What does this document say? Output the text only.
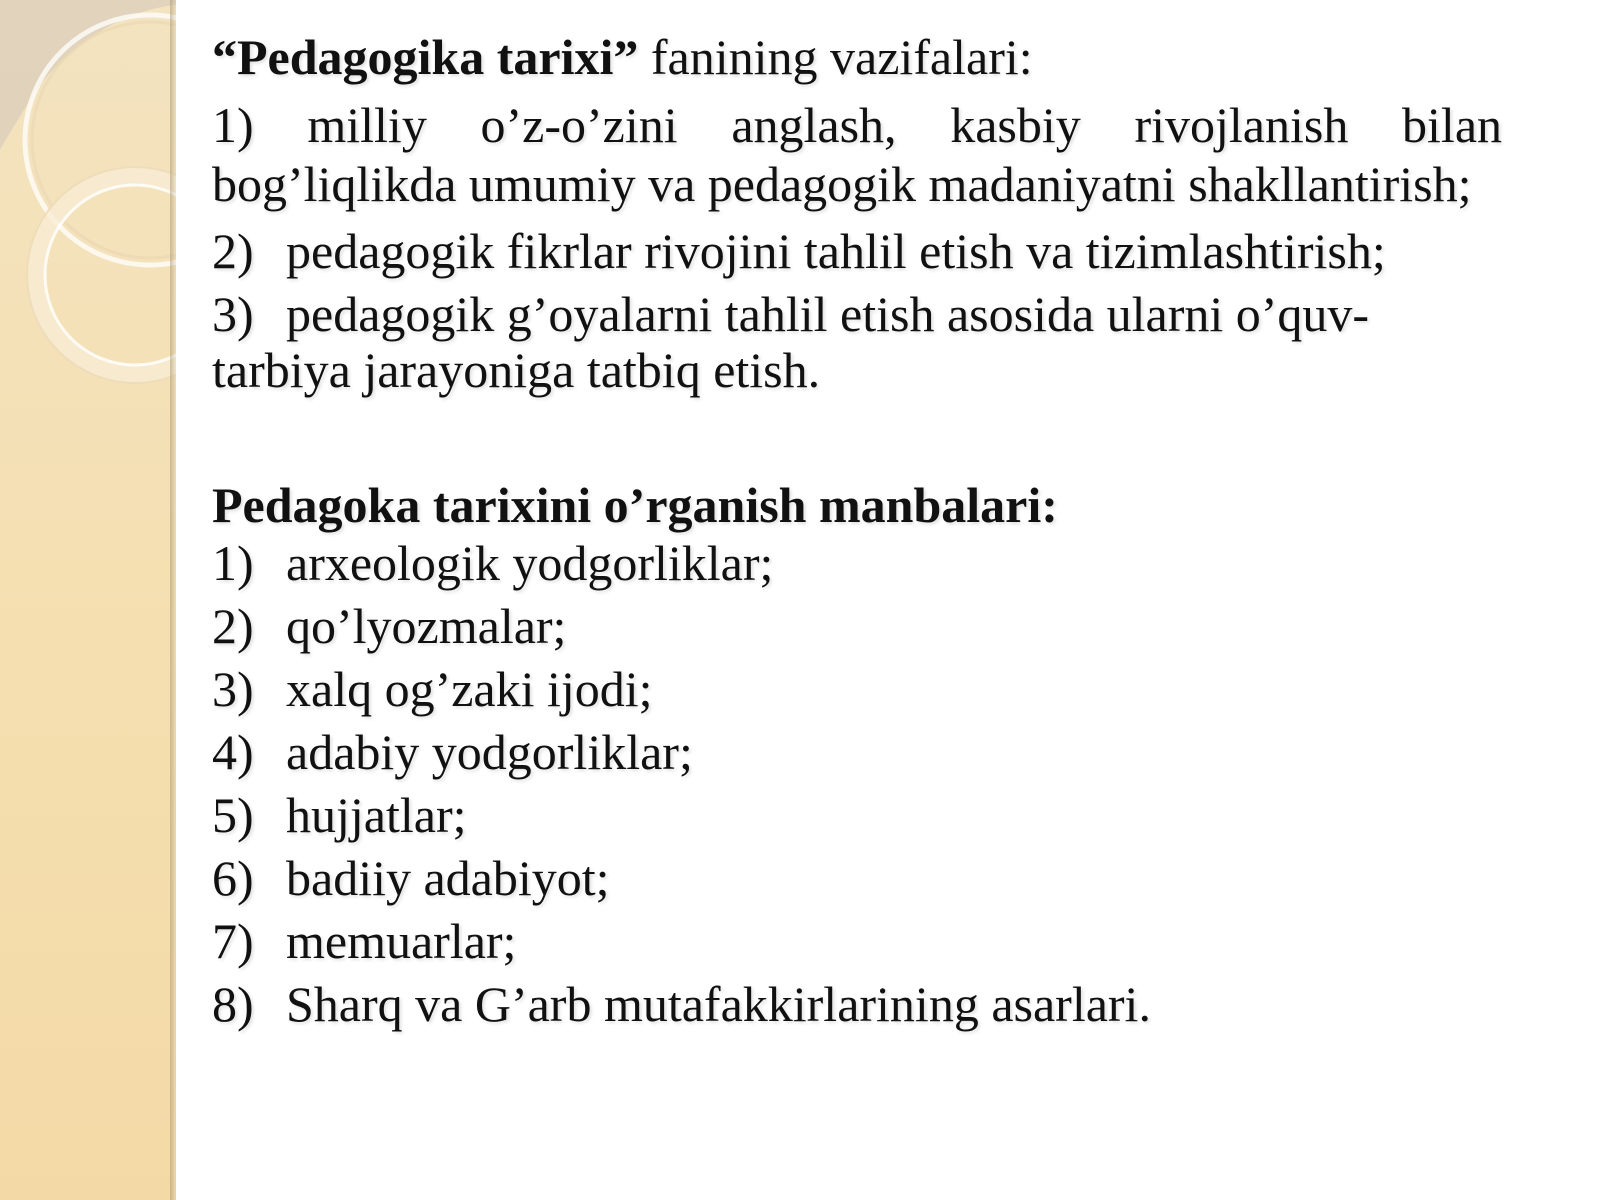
“Pedagogika tarixi” fanining vazifalari:
1) milliy o’z-o’zini anglash, kasbiy rivojlanish bilan
bog’liqlikda umumiy va pedagogik madaniyatni shakllantirish;
2) pedagogik fikrlar rivojini tahlil etish va tizimlashtirish;
3) pedagogik g’oyalarni tahlil etish asosida ularni o’quv-
tarbiya jarayoniga tatbiq etish.
Pedagoka tarixini o’rganish manbalari:
1) arxeologik yodgorliklar;
2) qo’lyozmalar;
3) xalq og’zaki ijodi;
4) adabiy yodgorliklar;
5) hujjatlar;
6) badiiy adabiyot;
7) memuarlar;
8) Sharq va G’arb mutafakkirlarining asarlari.
